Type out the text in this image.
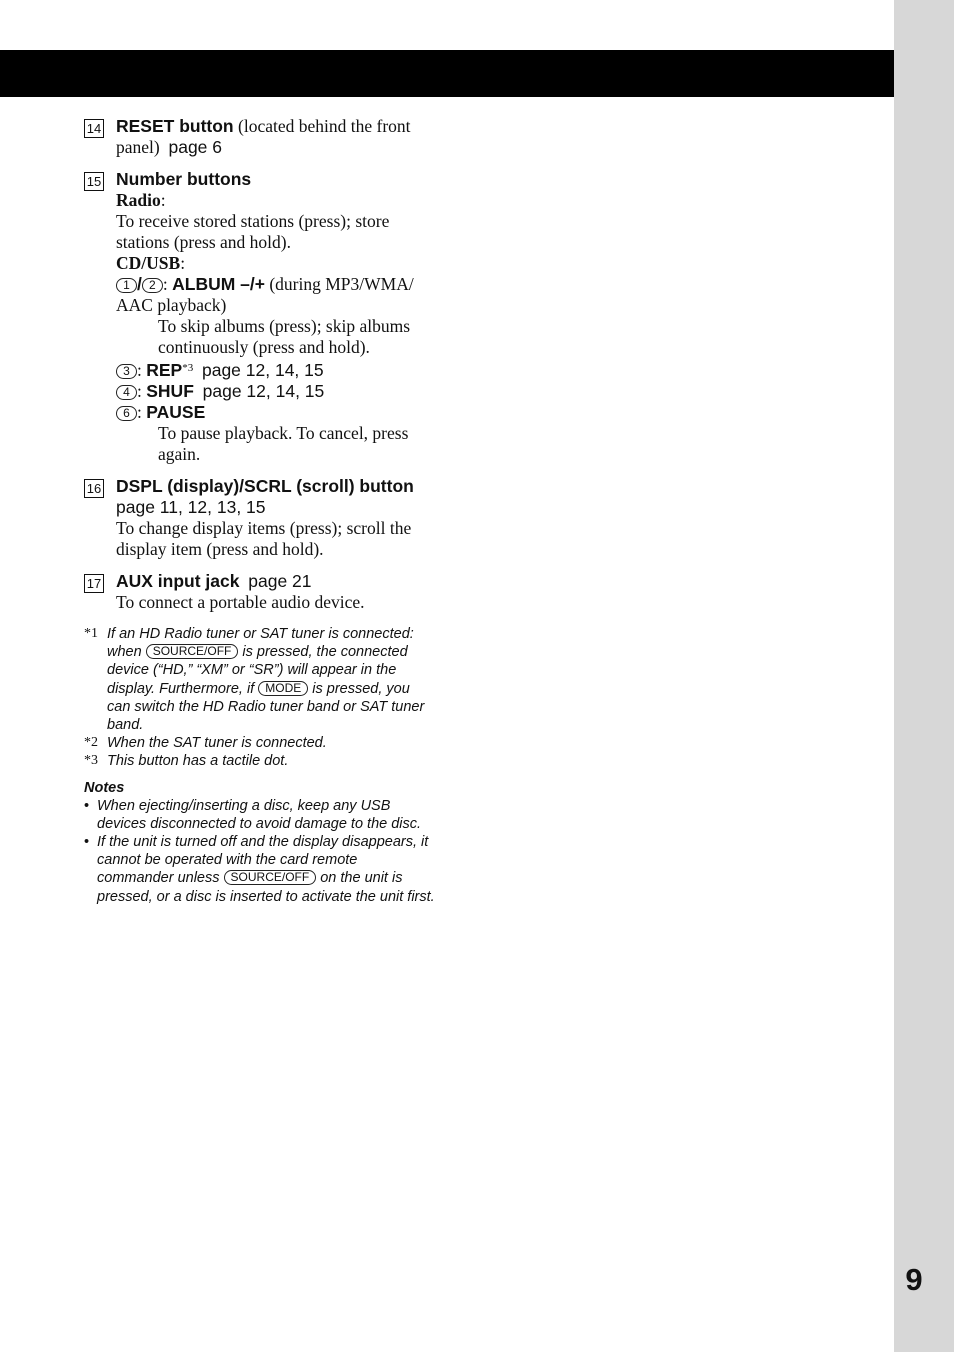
9
14 RESET button (located behind the front
panel) page 6
15 Number buttons
Radio:
To receive stored stations (press); store
stations (press and hold).
CD/USB:
1 / 2 : ALBUM –/+ (during MP3/WMA/
AAC playback)
To skip albums (press); skip albums
continuously (press and hold).
3 : REP$^{*3}$ page 12, 14, 15
4 : SHUF page 12, 14, 15
6 : PAUSE
To pause playback. To cancel, press
again.
16 DSPL (display)/SCRL (scroll) button
page 11, 12, 13, 15
To change display items (press); scroll the
display item (press and hold).
17 AUX input jack page 21
To connect a portable audio device.
*1 If an HD Radio tuner or SAT tuner is connected:
when SOURCE/OFF is pressed, the connected
device (“HD,” “XM” or “SR”) will appear in the
display. Furthermore, if MODE is pressed, you
can switch the HD Radio tuner band or SAT tuner
band.
*2 When the SAT tuner is connected.
*3 This button has a tactile dot.
Notes
• When ejecting/inserting a disc, keep any USB
devices disconnected to avoid damage to the disc.
• If the unit is turned off and the display disappears, it
cannot be operated with the card remote
commander unless SOURCE/OFF on the unit is
pressed, or a disc is inserted to activate the unit first.
